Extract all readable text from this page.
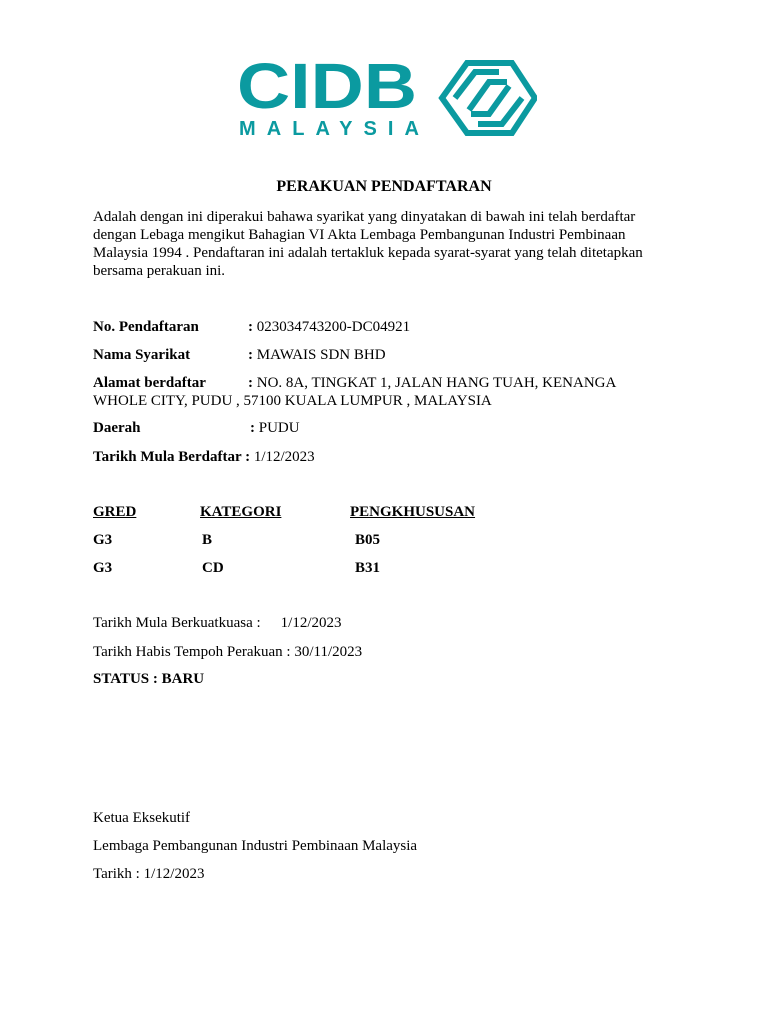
CIDB
MALAYSIA
PERAKUAN PENDAFTARAN
Adalah dengan ini diperakui bahawa syarikat yang dinyatakan di bawah ini telah berdaftar dengan Lebaga mengikut Bahagian VI Akta Lembaga Pembangunan Industri Pembinaan Malaysia 1994 . Pendaftaran ini adalah tertakluk kepada syarat-syarat yang telah ditetapkan bersama perakuan ini.
No. Pendaftaran	: 023034743200-DC04921
Nama Syarikat	: MAWAIS SDN BHD
Alamat berdaftar	: NO. 8A, TINGKAT 1, JALAN HANG TUAH, KENANGA
WHOLE CITY, PUDU , 57100 KUALA LUMPUR , MALAYSIA
Daerah	: PUDU
Tarikh Mula Berdaftar : 1/12/2023
GRED	KATEGORI	PENGKHUSUSAN
G3	B	B05
G3	CD	B31
Tarikh Mula Berkuatkuasa : 1/12/2023
Tarikh Habis Tempoh Perakuan : 30/11/2023
STATUS : BARU
Ketua Eksekutif
Lembaga Pembangunan Industri Pembinaan Malaysia
Tarikh : 1/12/2023
